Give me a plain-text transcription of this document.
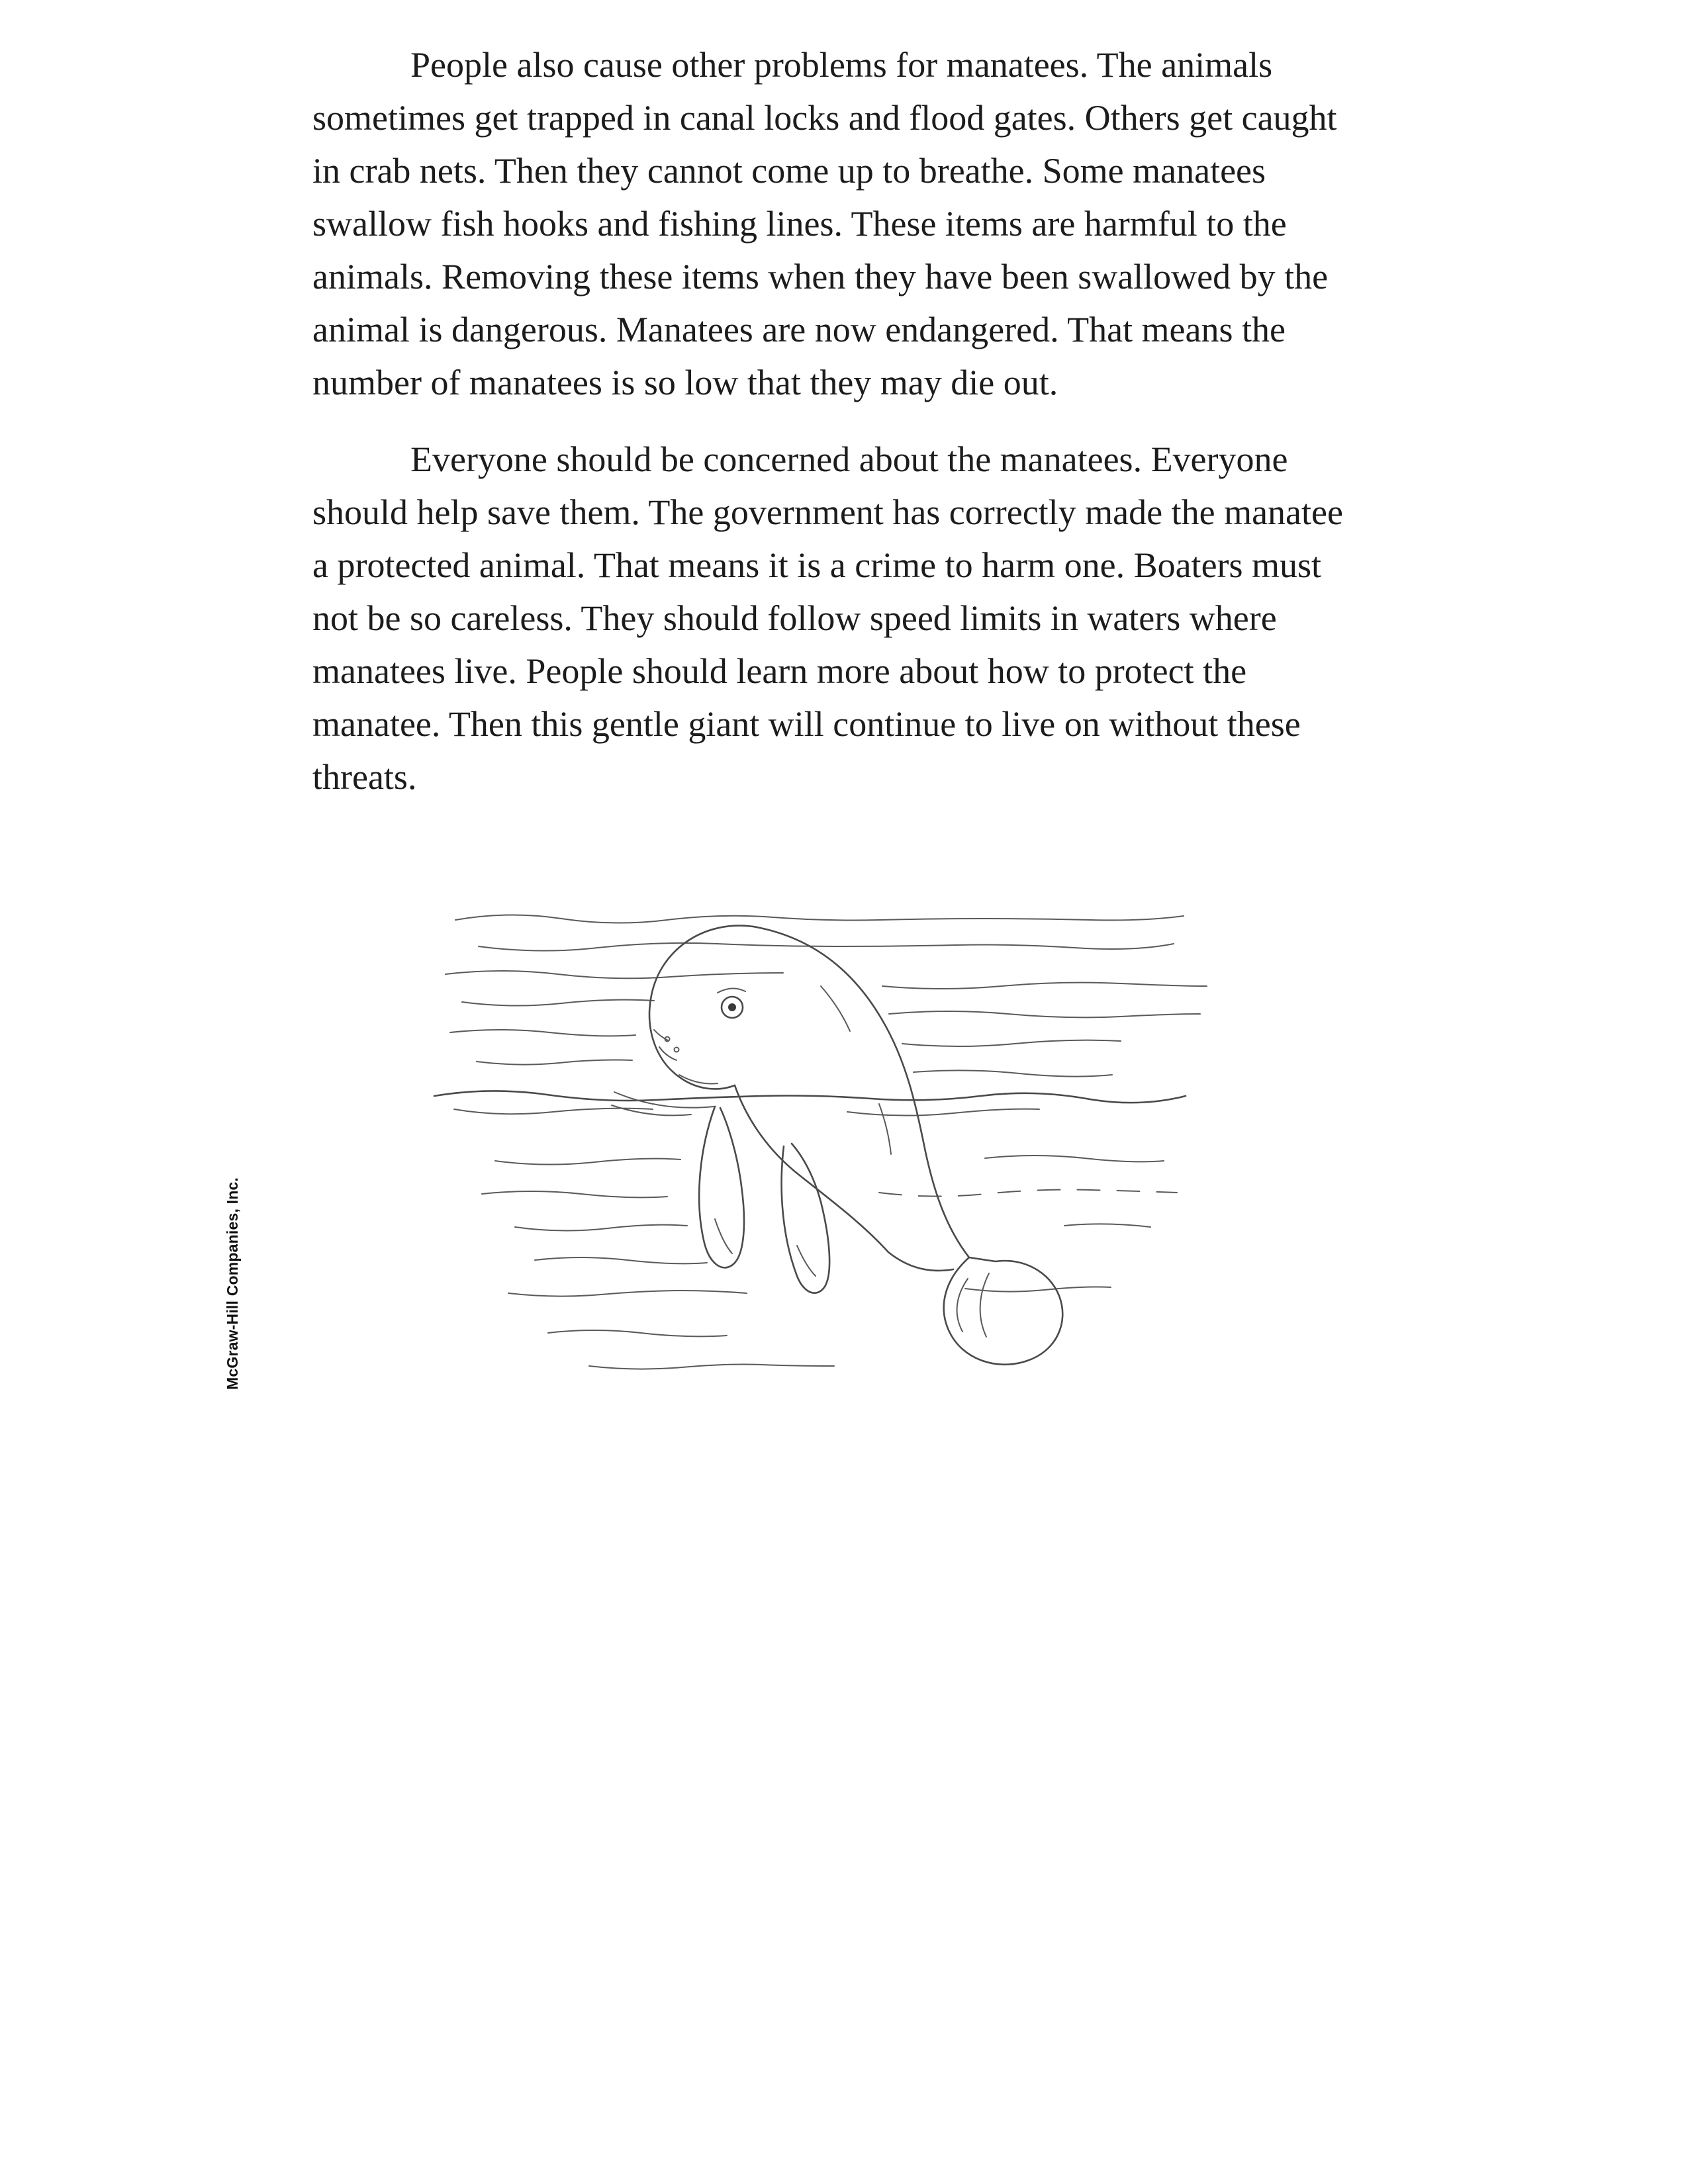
McGraw-Hill Companies, Inc.

People also cause other problems for manatees. The animals sometimes get trapped in canal locks and flood gates. Others get caught in crab nets. Then they cannot come up to breathe. Some manatees swallow fish hooks and fishing lines. These items are harmful to the animals. Removing these items when they have been swallowed by the animal is dangerous. Manatees are now endangered. That means the number of manatees is so low that they may die out.

Everyone should be concerned about the manatees. Everyone should help save them. The government has correctly made the manatee a protected animal. That means it is a crime to harm one. Boaters must not be so careless. They should follow speed limits in waters where manatees live. People should learn more about how to protect the manatee. Then this gentle giant will continue to live on without these threats.
